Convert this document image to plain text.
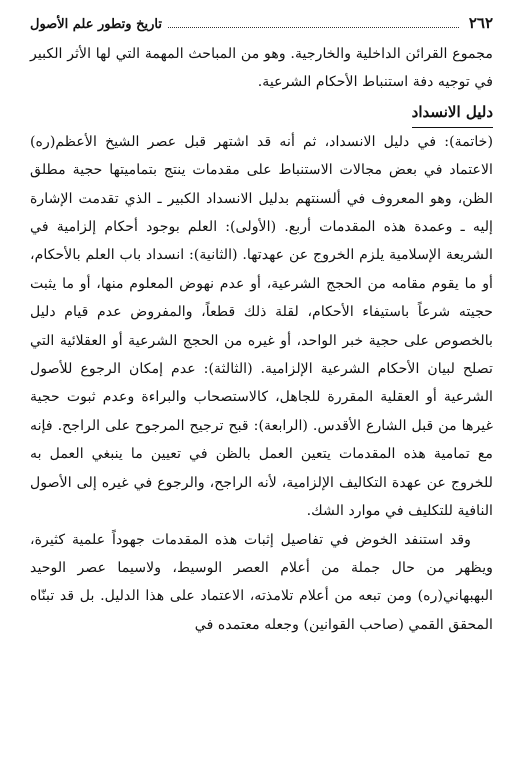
٢٦٢
تاريخ وتطور علم الأصول

مجموع القرائن الداخلية والخارجية. وهو من المباحث المهمة التي لها الأثر الكبير في توجيه دفة استنباط الأحكام الشرعية.

دليل الانسداد

(خاتمة): في دليل الانسداد، ثم أنه قد اشتهر قبل عصر الشيخ الأعظم(ره) الاعتماد في بعض مجالات الاستنباط على مقدمات ينتج بتماميتها حجية مطلق الظن، وهو المعروف في ألسنتهم بدليل الانسداد الكبير ـ الذي تقدمت الإشارة إليه ـ وعمدة هذه المقدمات أربع. (الأولى): العلم بوجود أحكام إلزامية في الشريعة الإسلامية يلزم الخروج عن عهدتها. (الثانية): انسداد باب العلم بالأحكام، أو ما يقوم مقامه من الحجج الشرعية، أو عدم نهوض المعلوم منها، أو ما يثبت حجيته شرعاً باستيفاء الأحكام، لقلة ذلك قطعاً، والمفروض عدم قيام دليل بالخصوص على حجية خبر الواحد، أو غيره من الحجج الشرعية أو العقلائية التي تصلح لبيان الأحكام الشرعية الإلزامية. (الثالثة): عدم إمكان الرجوع للأصول الشرعية أو العقلية المقررة للجاهل، كالاستصحاب والبراءة وعدم ثبوت حجية غيرها من قبل الشارع الأقدس. (الرابعة): قبح ترجيح المرجوح على الراجح. فإنه مع تمامية هذه المقدمات يتعين العمل بالظن في تعيين ما ينبغي العمل به للخروج عن عهدة التكاليف الإلزامية، لأنه الراجح، والرجوع في غيره إلى الأصول النافية للتكليف في موارد الشك.

وقد استنفد الخوض في تفاصيل إثبات هذه المقدمات جهوداً علمية كثيرة، ويظهر من حال جملة من أعلام العصر الوسيط، ولاسيما عصر الوحيد البهبهاني(ره) ومن تبعه من أعلام تلامذته، الاعتماد على هذا الدليل. بل قد تبنّاه المحقق القمي (صاحب القوانين) وجعله معتمده في
